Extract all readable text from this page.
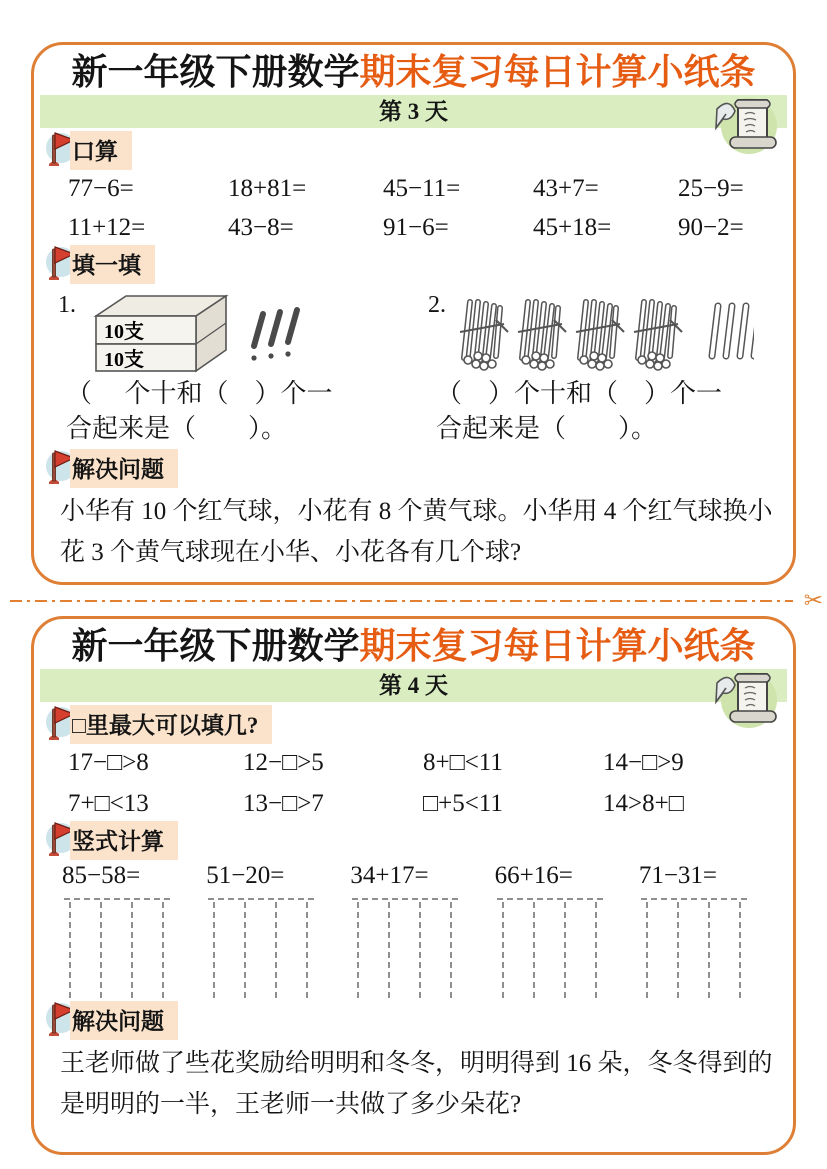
新一年级下册数学期末复习每日计算小纸条
第 3 天
口算
77−6=	18+81=	45−11=	43+7=	25−9=
11+12=	43−8=	91−6=	45+18=	90−2=
填一填
1.
10支
10支
（　 个十和（　）个一
合起来是（　　）。
2.
（　）个十和（　）个一
合起来是（　　）。
解决问题

小华有 10 个红气球，小花有 8 个黄气球。小华用 4 个红气球换小花 3 个黄气球现在小华、小花各有几个球?

✂
新一年级下册数学期末复习每日计算小纸条
第 4 天
□里最大可以填几?
17−□>8	12−□>5	8+□<11	14−□>9
7+□<13	13−□>7	□+5<11	14>8+□
竖式计算
85−58=	51−20=	34+17=	66+16=	71−31=
解决问题

王老师做了些花奖励给明明和冬冬，明明得到 16 朵，冬冬得到的是明明的一半，王老师一共做了多少朵花?
